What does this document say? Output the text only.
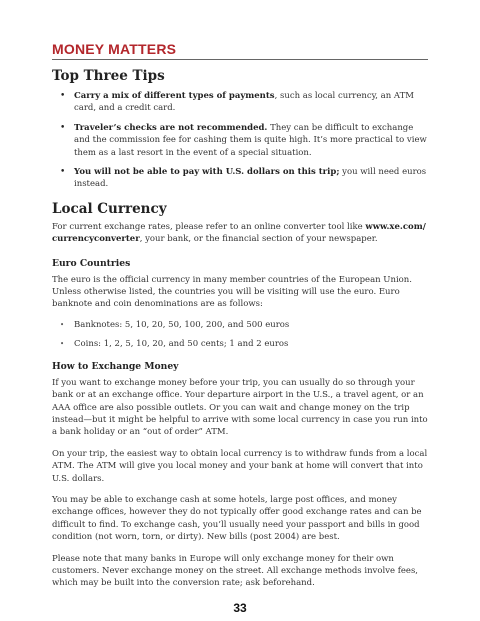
MONEY MATTERS
Top Three Tips
• Carry a mix of different types of payments, such as local currency, an ATM card, and a credit card.
• Traveler’s checks are not recommended. They can be difficult to exchange and the commission fee for cashing them is quite high. It’s more practical to view them as a last resort in the event of a special situation.
• You will not be able to pay with U.S. dollars on this trip; you will need euros instead.
Local Currency

For current exchange rates, please refer to an online converter tool like www.xe.com/ currencyconverter, your bank, or the financial section of your newspaper.

Euro Countries

The euro is the official currency in many member countries of the European Union. Unless otherwise listed, the countries you will be visiting will use the euro. Euro banknote and coin denominations are as follows:

• Banknotes: 5, 10, 20, 50, 100, 200, and 500 euros
• Coins: 1, 2, 5, 10, 20, and 50 cents; 1 and 2 euros
How to Exchange Money

If you want to exchange money before your trip, you can usually do so through your bank or at an exchange office. Your departure airport in the U.S., a travel agent, or an AAA office are also possible outlets. Or you can wait and change money on the trip instead—but it might be helpful to arrive with some local currency in case you run into a bank holiday or an “out of order” ATM.

On your trip, the easiest way to obtain local currency is to withdraw funds from a local ATM. The ATM will give you local money and your bank at home will convert that into U.S. dollars.

You may be able to exchange cash at some hotels, large post offices, and money exchange offices, however they do not typically offer good exchange rates and can be difficult to find. To exchange cash, you’ll usually need your passport and bills in good condition (not worn, torn, or dirty). New bills (post 2004) are best.

Please note that many banks in Europe will only exchange money for their own customers. Never exchange money on the street. All exchange methods involve fees, which may be built into the conversion rate; ask beforehand.

33
